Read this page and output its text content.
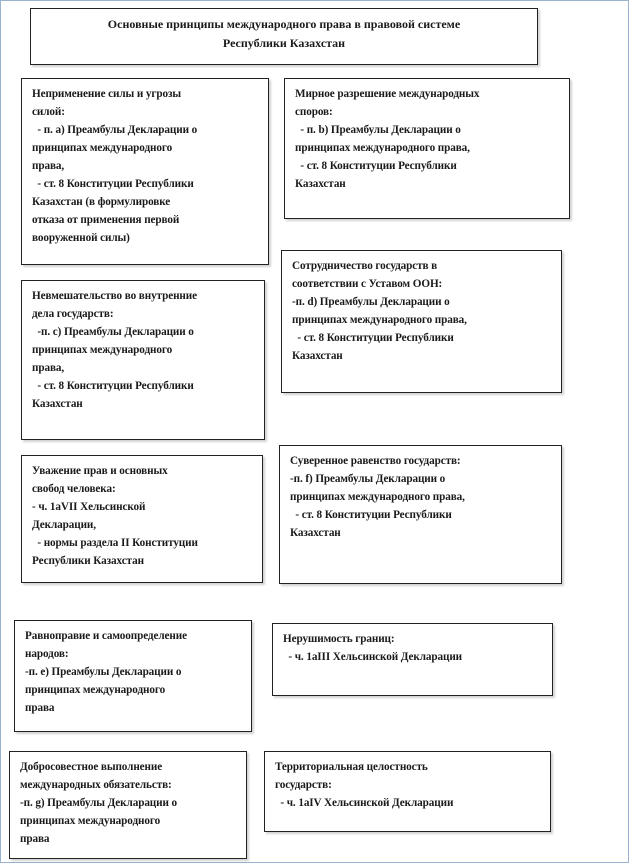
Основные принципы международного права в правовой системе
Республики Казахстан
Неприменение силы и угрозы
силой:
- п. a) Преамбулы Декларации о
принципах международного
права,
- ст. 8 Конституции Республики
Казахстан (в формулировке
отказа от применения первой
вооруженной силы)
Мирное разрешение международных
споров:
- п. b) Преамбулы Декларации о
принципах международного права,
- ст. 8 Конституции Республики
Казахстан
Сотрудничество государств в
соответствии с Уставом ООН:
-п. d) Преамбулы Декларации о
принципах международного права,
- ст. 8 Конституции Республики
Казахстан
Невмешательство во внутренние
дела государств:
-п. c) Преамбулы Декларации о
принципах международного
права,
- ст. 8 Конституции Республики
Казахстан
Суверенное равенство государств:
-п. f) Преамбулы Декларации о
принципах международного права,
- ст. 8 Конституции Республики
Казахстан
Уважение прав и основных
свобод человека:
- ч. 1aVII Хельсинской
Декларации,
- нормы раздела II Конституции
Республики Казахстан
Равноправие и самоопределение
народов:
-п. e) Преамбулы Декларации о
принципах международного
права
Нерушимость границ:
- ч. 1aIII Хельсинской Декларации
Добросовестное выполнение
международных обязательств:
-п. g) Преамбулы Декларации о
принципах международного
права
Территориальная целостность
государств:
- ч. 1aIV Хельсинской Декларации
